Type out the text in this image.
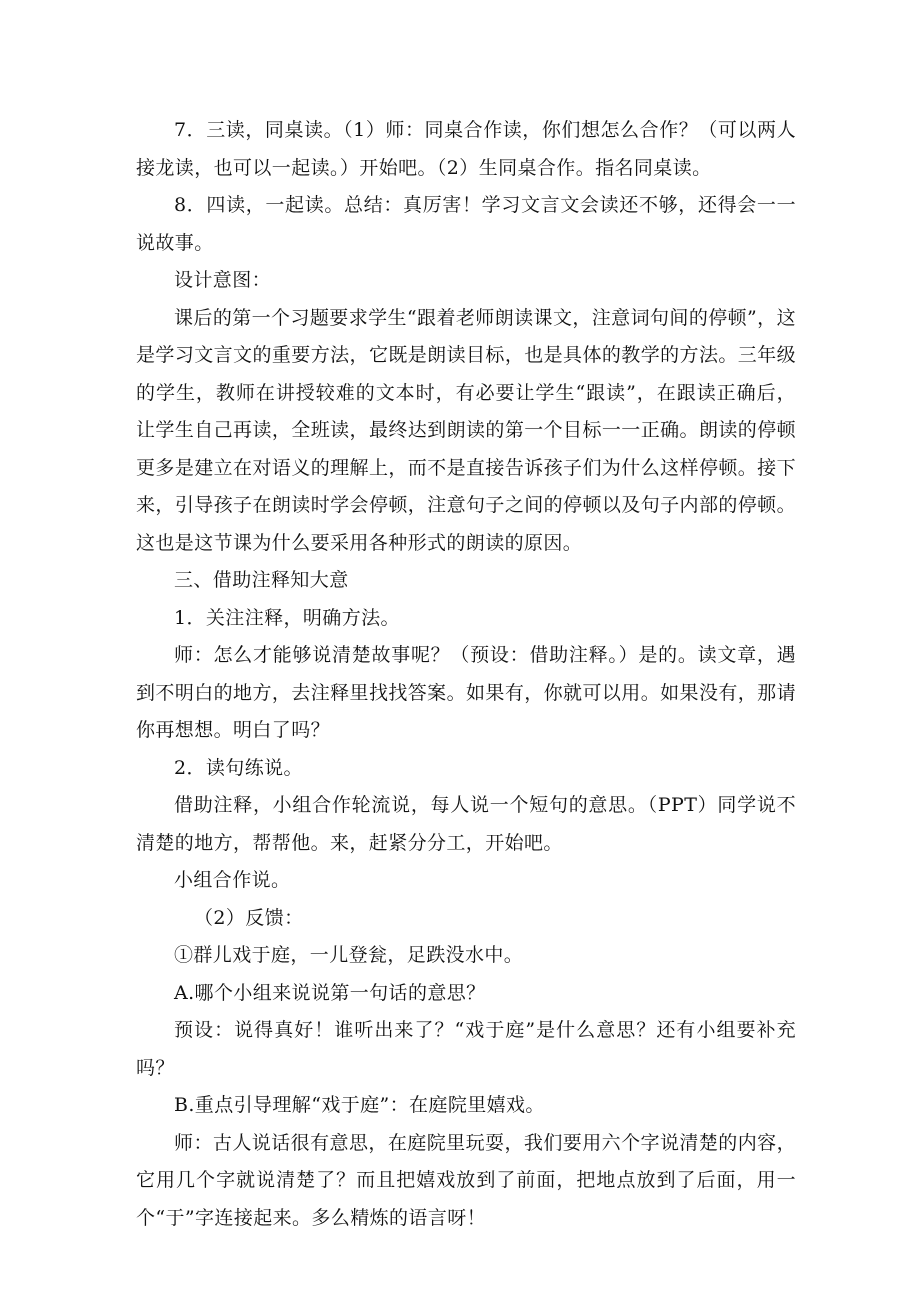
7．三读，同桌读。（1）师：同桌合作读，你们想怎么合作？（可以两人接龙读，也可以一起读。）开始吧。（2）生同桌合作。指名同桌读。

8．四读，一起读。总结：真厉害！学习文言文会读还不够，还得会一一说故事。

设计意图：

课后的第一个习题要求学生“跟着老师朗读课文，注意词句间的停顿”，这是学习文言文的重要方法，它既是朗读目标，也是具体的教学的方法。三年级的学生，教师在讲授较难的文本时，有必要让学生“跟读”，在跟读正确后，让学生自己再读，全班读，最终达到朗读的第一个目标一一正确。朗读的停顿更多是建立在对语义的理解上，而不是直接告诉孩子们为什么这样停顿。接下来，引导孩子在朗读时学会停顿，注意句子之间的停顿以及句子内部的停顿。这也是这节课为什么要采用各种形式的朗读的原因。

三、借助注释知大意

1．关注注释，明确方法。

师：怎么才能够说清楚故事呢？（预设：借助注释。）是的。读文章，遇到不明白的地方，去注释里找找答案。如果有，你就可以用。如果没有，那请你再想想。明白了吗？

2．读句练说。

借助注释，小组合作轮流说，每人说一个短句的意思。（PPT）同学说不清楚的地方，帮帮他。来，赶紧分分工，开始吧。

小组合作说。

（2）反馈：

①群儿戏于庭，一儿登瓮，足跌没水中。

A.哪个小组来说说第一句话的意思？

预设：说得真好！谁听出来了？“戏于庭”是什么意思？还有小组要补充吗？

B.重点引导理解“戏于庭”：在庭院里嬉戏。

师：古人说话很有意思，在庭院里玩耍，我们要用六个字说清楚的内容，它用几个字就说清楚了？而且把嬉戏放到了前面，把地点放到了后面，用一个“于”字连接起来。多么精炼的语言呀！
